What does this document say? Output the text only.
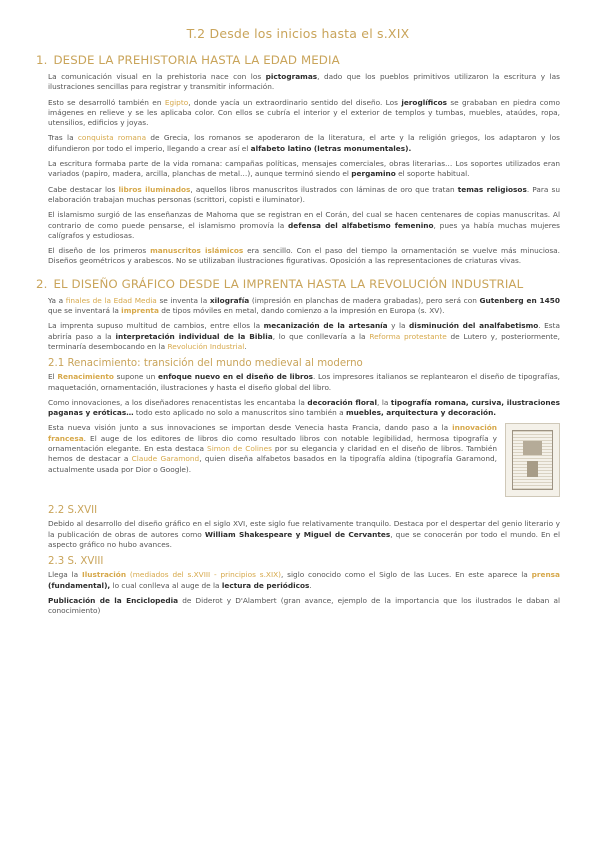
T.2 Desde los inicios hasta el s.XIX
1. DESDE LA PREHISTORIA HASTA LA EDAD MEDIA

La comunicación visual en la prehistoria nace con los pictogramas, dado que los pueblos primitivos utilizaron la escritura y las ilustraciones sencillas para registrar y transmitir información.

Esto se desarrolló también en Egipto, donde yacía un extraordinario sentido del diseño. Los jeroglíficos se grababan en piedra como imágenes en relieve y se les aplicaba color. Con ellos se cubría el interior y el exterior de templos y tumbas, muebles, ataúdes, ropa, utensilios, edificios y joyas.

Tras la conquista romana de Grecia, los romanos se apoderaron de la literatura, el arte y la religión griegos, los adaptaron y los difundieron por todo el imperio, llegando a crear así el alfabeto latino (letras monumentales).

La escritura formaba parte de la vida romana: campañas políticas, mensajes comerciales, obras literarias… Los soportes utilizados eran variados (papiro, madera, arcilla, planchas de metal…), aunque terminó siendo el pergamino el soporte habitual.

Cabe destacar los libros iluminados, aquellos libros manuscritos ilustrados con láminas de oro que tratan temas religiosos. Para su elaboración trabajan muchas personas (scrittori, copisti e iluminator).

El islamismo surgió de las enseñanzas de Mahoma que se registran en el Corán, del cual se hacen centenares de copias manuscritas. Al contrario de como puede pensarse, el islamismo promovía la defensa del alfabetismo femenino, pues ya había muchas mujeres calígrafos y estudiosas.

El diseño de los primeros manuscritos islámicos era sencillo. Con el paso del tiempo la ornamentación se vuelve más minuciosa. Diseños geométricos y arabescos. No se utilizaban ilustraciones figurativas. Oposición a las representaciones de criaturas vivas.

2. EL DISEÑO GRÁFICO DESDE LA IMPRENTA HASTA LA REVOLUCIÓN INDUSTRIAL

Ya a finales de la Edad Media se inventa la xilografía (impresión en planchas de madera grabadas), pero será con Gutenberg en 1450 que se inventará la imprenta de tipos móviles en metal, dando comienzo a la impresión en Europa (s. XV).

La imprenta supuso multitud de cambios, entre ellos la mecanización de la artesanía y la disminución del analfabetismo. Esta abriría paso a la interpretación individual de la Biblia, lo que conllevaría a la Reforma protestante de Lutero y, posteriormente, terminaría desembocando en la Revolución Industrial.

2.1 Renacimiento: transición del mundo medieval al moderno

El Renacimiento supone un enfoque nuevo en el diseño de libros. Los impresores italianos se replantearon el diseño de tipografías, maquetación, ornamentación, ilustraciones y hasta el diseño global del libro.

Como innovaciones, a los diseñadores renacentistas les encantaba la decoración floral, la tipografía romana, cursiva, ilustraciones paganas y eróticas… todo esto aplicado no solo a manuscritos sino también a muebles, arquitectura y decoración.

Esta nueva visión junto a sus innovaciones se importan desde Venecia hasta Francia, dando paso a la innovación francesa. El auge de los editores de libros dio como resultado libros con notable legibilidad, hermosa tipografía y ornamentación elegante. En esta destaca Simon de Colines por su elegancia y claridad en el diseño de libros. También hemos de destacar a Claude Garamond, quien diseña alfabetos basados en la tipografía aldina (tipografía Garamond, actualmente usada por Dior o Google).

2.2 S.XVII

Debido al desarrollo del diseño gráfico en el siglo XVI, este siglo fue relativamente tranquilo. Destaca por el despertar del genio literario y la publicación de obras de autores como William Shakespeare y Miguel de Cervantes, que se conocerán por todo el mundo. En el aspecto gráfico no hubo avances.

2.3 S. XVIII

Llega la Ilustración (mediados del s.XVIII - principios s.XIX), siglo conocido como el Siglo de las Luces. En este aparece la prensa (fundamental), lo cual conlleva al auge de la lectura de periódicos.

Publicación de la Enciclopedia de Diderot y D'Alambert (gran avance, ejemplo de la importancia que los ilustrados le daban al conocimiento)
